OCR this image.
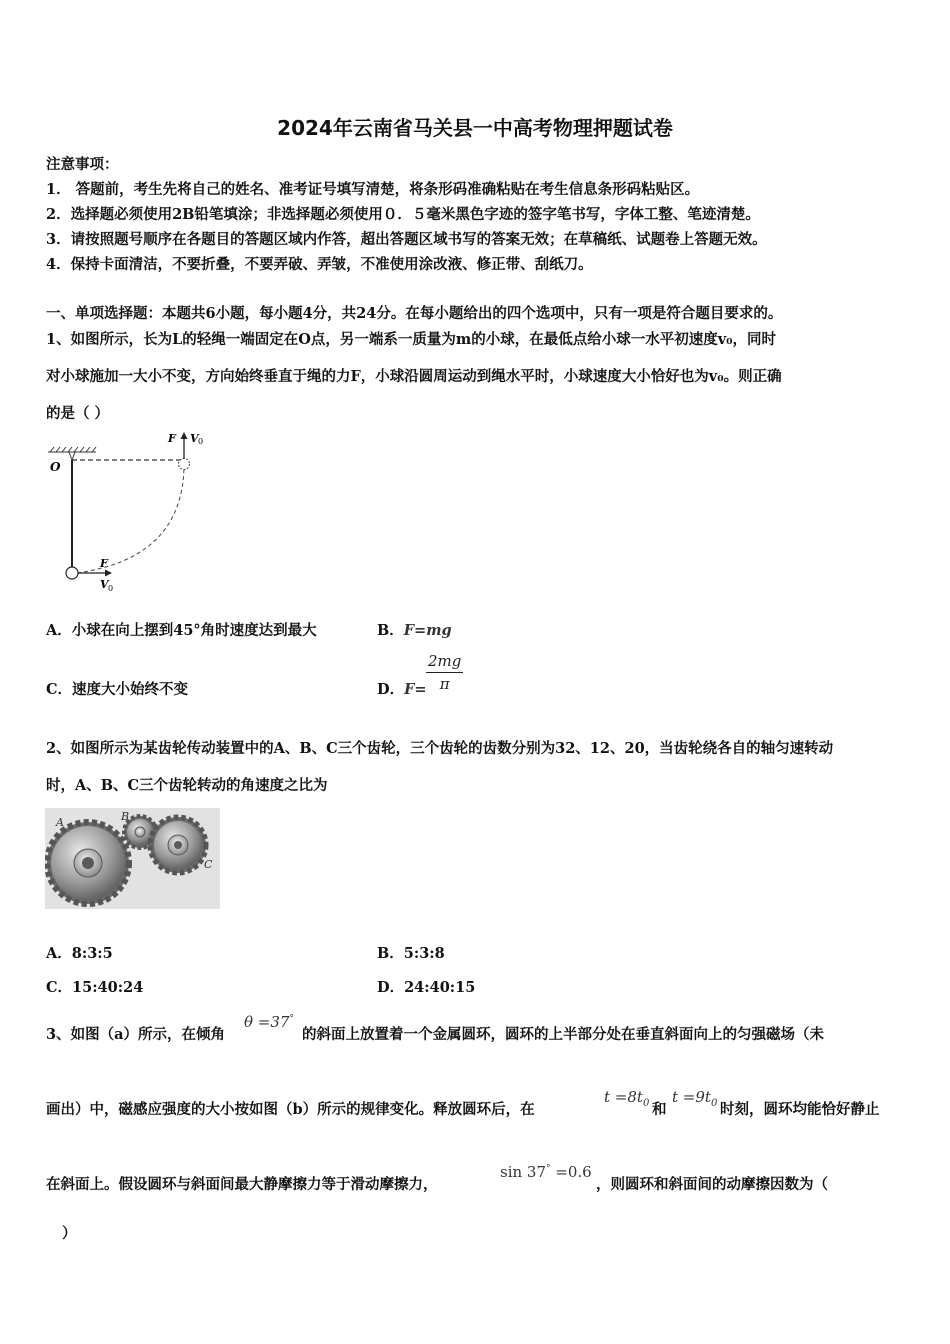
2024年云南省马关县一中高考物理押题试卷
注意事项：
1． 答题前，考生先将自己的姓名、准考证号填写清楚，将条形码准确粘贴在考生信息条形码粘贴区。
2．选择题必须使用2B铅笔填涂；非选择题必须使用０．５毫米黑色字迹的签字笔书写，字体工整、笔迹清楚。
3．请按照题号顺序在各题目的答题区域内作答，超出答题区域书写的答案无效；在草稿纸、试题卷上答题无效。
4．保持卡面清洁，不要折叠，不要弄破、弄皱，不准使用涂改液、修正带、刮纸刀。
一、单项选择题：本题共6小题，每小题4分，共24分。在每小题给出的四个选项中，只有一项是符合题目要求的。
1、如图所示，长为L的轻绳一端固定在O点，另一端系一质量为m的小球，在最低点给小球一水平初速度v₀，同时
对小球施加一大小不变，方向始终垂直于绳的力F，小球沿圆周运动到绳水平时，小球速度大小恰好也为v₀。则正确
的是（ ）
O
F V 0
F
V 0
A．小球在向上摆到45°角时速度达到最大	B．F=mg
C．速度大小始终不变	D．$F= \frac{2mg}{\pi}$
2、如图所示为某齿轮传动装置中的A、B、C三个齿轮，三个齿轮的齿数分别为32、12、20，当齿轮绕各自的轴匀速转动
时，A、B、C三个齿轮转动的角速度之比为
A	B
C
A．8:3:5	B．5:3:8
C．15:40:24	D．24:40:15
3、如图（a）所示，在倾角
θ =37°
的斜面上放置着一个金属圆环，圆环的上半部分处在垂直斜面向上的匀强磁场（未
画出）中，磁感应强度的大小按如图（b）所示的规律变化。释放圆环后，在
$t =8t_0$ 和
$t =9t_0$ 时刻，圆环均能恰好静止
在斜面上。假设圆环与斜面间最大静摩擦力等于滑动摩擦力，
sin 37° =0.6
，则圆环和斜面间的动摩擦因数为（
）
